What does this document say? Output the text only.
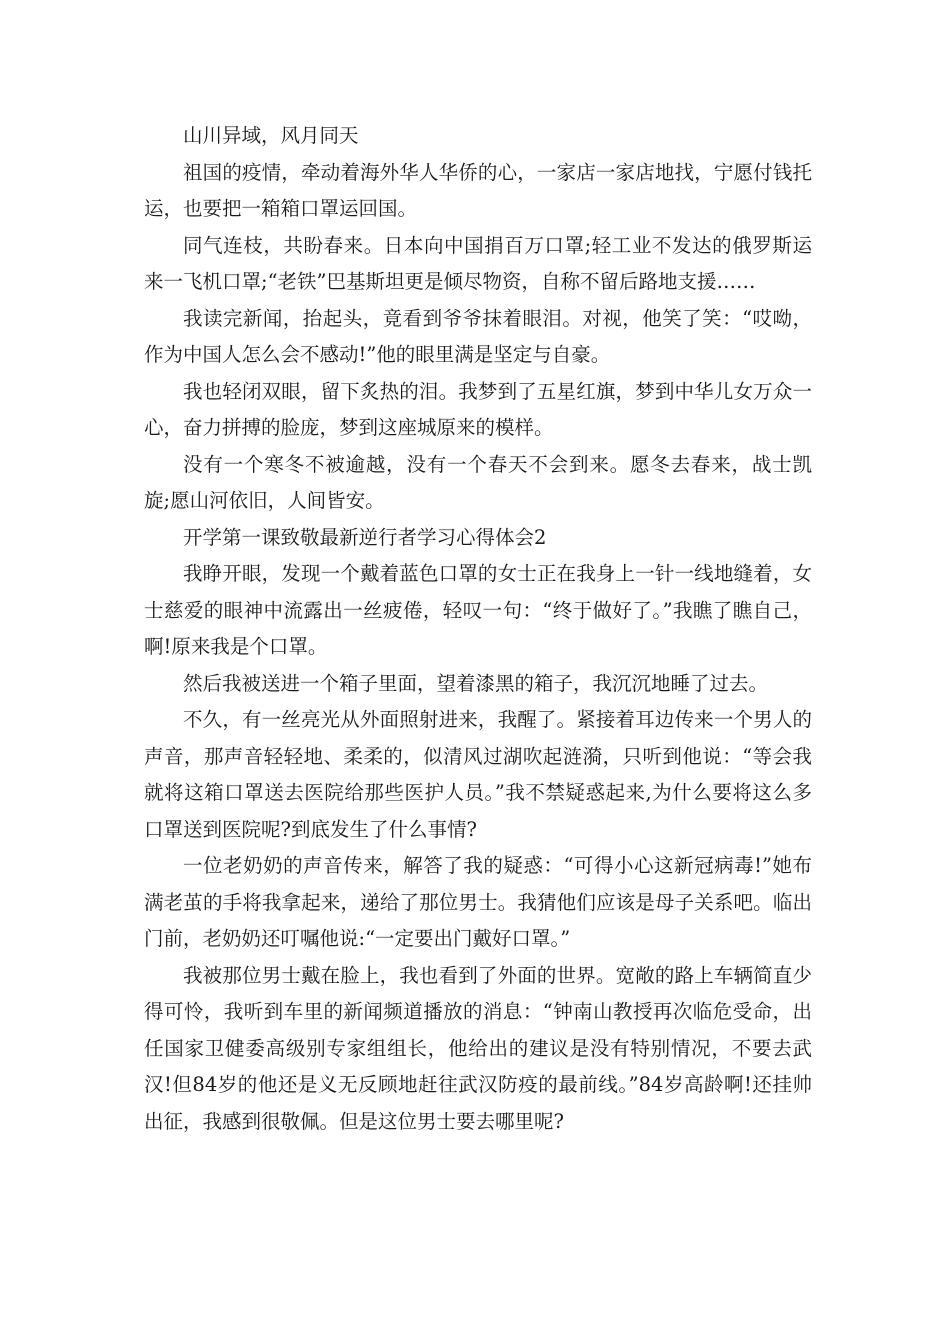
山川异域，风月同天

祖国的疫情，牵动着海外华人华侨的心，一家店一家店地找，宁愿付钱托运，也要把一箱箱口罩运回国。

同气连枝，共盼春来。日本向中国捐百万口罩;轻工业不发达的俄罗斯运来一飞机口罩;“老铁”巴基斯坦更是倾尽物资，自称不留后路地支援……

我读完新闻，抬起头，竟看到爷爷抹着眼泪。对视，他笑了笑：“哎呦，作为中国人怎么会不感动!”他的眼里满是坚定与自豪。

我也轻闭双眼，留下炙热的泪。我梦到了五星红旗，梦到中华儿女万众一心，奋力拼搏的脸庞，梦到这座城原来的模样。

没有一个寒冬不被逾越，没有一个春天不会到来。愿冬去春来，战士凯旋;愿山河依旧，人间皆安。

开学第一课致敬最新逆行者学习心得体会2

我睁开眼，发现一个戴着蓝色口罩的女士正在我身上一针一线地缝着，女士慈爱的眼神中流露出一丝疲倦，轻叹一句：“终于做好了。”我瞧了瞧自己，啊!原来我是个口罩。

然后我被送进一个箱子里面，望着漆黑的箱子，我沉沉地睡了过去。

不久，有一丝亮光从外面照射进来，我醒了。紧接着耳边传来一个男人的声音，那声音轻轻地、柔柔的，似清风过湖吹起涟漪，只听到他说：“等会我就将这箱口罩送去医院给那些医护人员。”我不禁疑惑起来,为什么要将这么多口罩送到医院呢?到底发生了什么事情?

一位老奶奶的声音传来，解答了我的疑惑：“可得小心这新冠病毒!”她布满老茧的手将我拿起来，递给了那位男士。我猜他们应该是母子关系吧。临出门前，老奶奶还叮嘱他说:“一定要出门戴好口罩。”

我被那位男士戴在脸上，我也看到了外面的世界。宽敞的路上车辆简直少得可怜，我听到车里的新闻频道播放的消息：“钟南山教授再次临危受命，出任国家卫健委高级别专家组组长，他给出的建议是没有特别情况，不要去武汉!但84岁的他还是义无反顾地赶往武汉防疫的最前线。”84岁高龄啊!还挂帅出征，我感到很敬佩。但是这位男士要去哪里呢?
